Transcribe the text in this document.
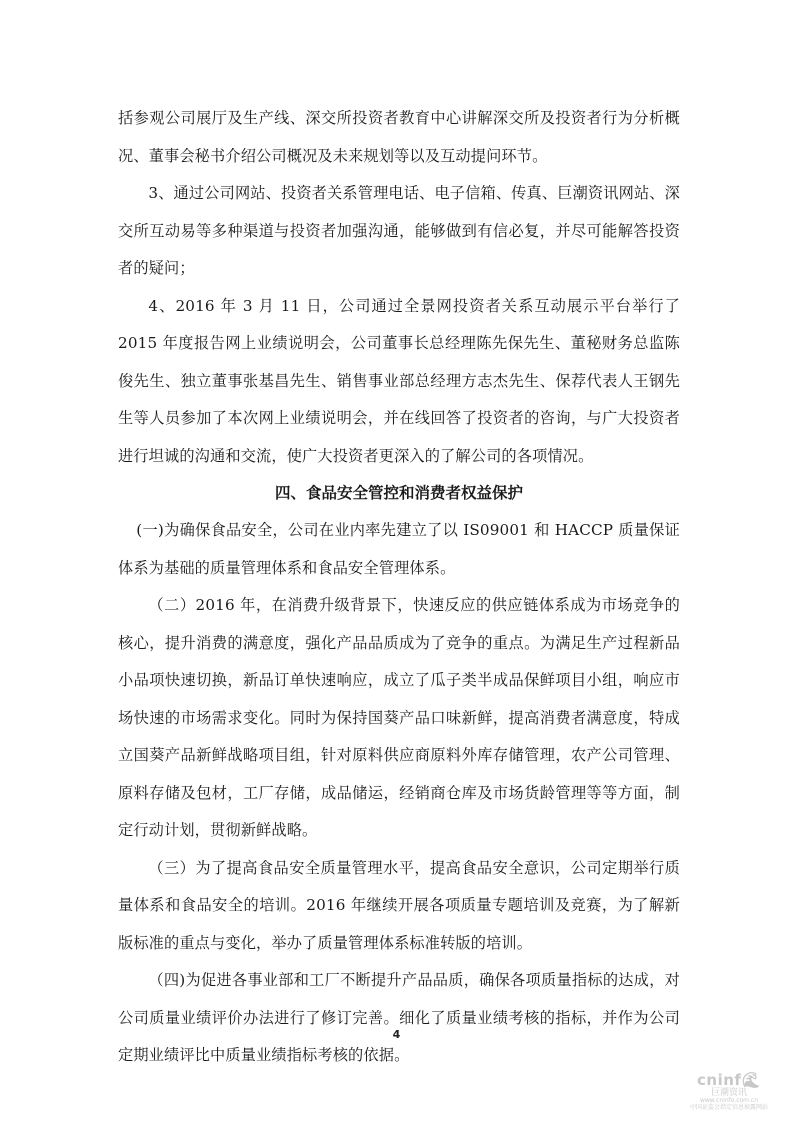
括参观公司展厅及生产线、深交所投资者教育中心讲解深交所及投资者行为分析概况、董事会秘书介绍公司概况及未来规划等以及互动提问环节。

3、通过公司网站、投资者关系管理电话、电子信箱、传真、巨潮资讯网站、深交所互动易等多种渠道与投资者加强沟通，能够做到有信必复，并尽可能解答投资者的疑问；

4、2016 年 3 月 11 日，公司通过全景网投资者关系互动展示平台举行了 2015 年度报告网上业绩说明会，公司董事长总经理陈先保先生、董秘财务总监陈俊先生、独立董事张基昌先生、销售事业部总经理方志杰先生、保荐代表人王钢先生等人员参加了本次网上业绩说明会，并在线回答了投资者的咨询，与广大投资者进行坦诚的沟通和交流，使广大投资者更深入的了解公司的各项情况。

四、食品安全管控和消费者权益保护

(一)为确保食品安全，公司在业内率先建立了以 IS09001 和 HACCP 质量保证体系为基础的质量管理体系和食品安全管理体系。

（二）2016 年，在消费升级背景下，快速反应的供应链体系成为市场竞争的核心，提升消费的满意度，强化产品品质成为了竞争的重点。为满足生产过程新品小品项快速切换，新品订单快速响应，成立了瓜子类半成品保鲜项目小组，响应市场快速的市场需求变化。同时为保持国葵产品口味新鲜，提高消费者满意度，特成立国葵产品新鲜战略项目组，针对原料供应商原料外库存储管理，农产公司管理、原料存储及包材，工厂存储，成品储运，经销商仓库及市场货龄管理等等方面，制定行动计划，贯彻新鲜战略。

（三）为了提高食品安全质量管理水平，提高食品安全意识，公司定期举行质量体系和食品安全的培训。2016 年继续开展各项质量专题培训及竞赛，为了解新版标准的重点与变化，举办了质量管理体系标准转版的培训。

（四)为促进各事业部和工厂不断提升产品品质，确保各项质量指标的达成，对公司质量业绩评价办法进行了修订完善。细化了质量业绩考核的指标，并作为公司定期业绩评比中质量业绩指标考核的依据。

4
cninf🌊︎
巨潮资讯
www.cninfo.com.cn
中国证监会指定信息披露网站
